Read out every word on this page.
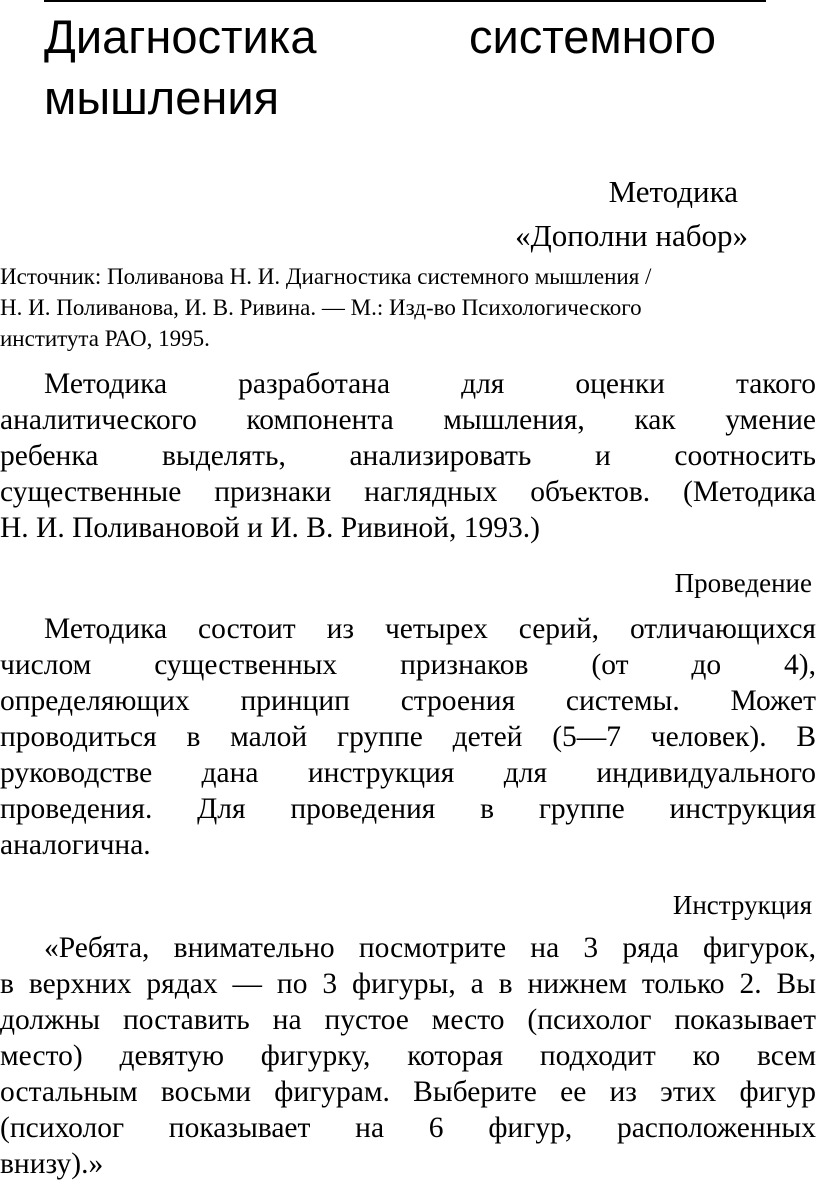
Диагностика	системного
мышления
Методика
«Дополни набор»
Источник: Поливанова Н. И. Диагностика системного мышления /
Н. И. Поливанова, И. В. Ривина. — М.: Изд-во Психологического
института РАО, 1995.

Методика разработана для оценки такого
аналитического компонента мышления, как умение
ребенка выделять, анализировать и соотносить
существенные признаки наглядных объектов. (Методика
Н. И. Поливановой и И. В. Ривиной, 1993.)

Проведение

Методика состоит из четырех серий, отличающихся
числом существенных признаков (от до 4),
определяющих принцип строения системы. Может
проводиться в малой группе детей (5—7 человек). В
руководстве дана инструкция для индивидуального
проведения. Для проведения в группе инструкция
аналогична.

Инструкция

«Ребята, внимательно посмотрите на 3 ряда фигурок,
в верхних рядах — по 3 фигуры, а в нижнем только 2. Вы
должны поставить на пустое место (психолог показывает
место) девятую фигурку, которая подходит ко всем
остальным восьми фигурам. Выберите ее из этих фигур
(психолог показывает на 6 фигур, расположенных
внизу).»
